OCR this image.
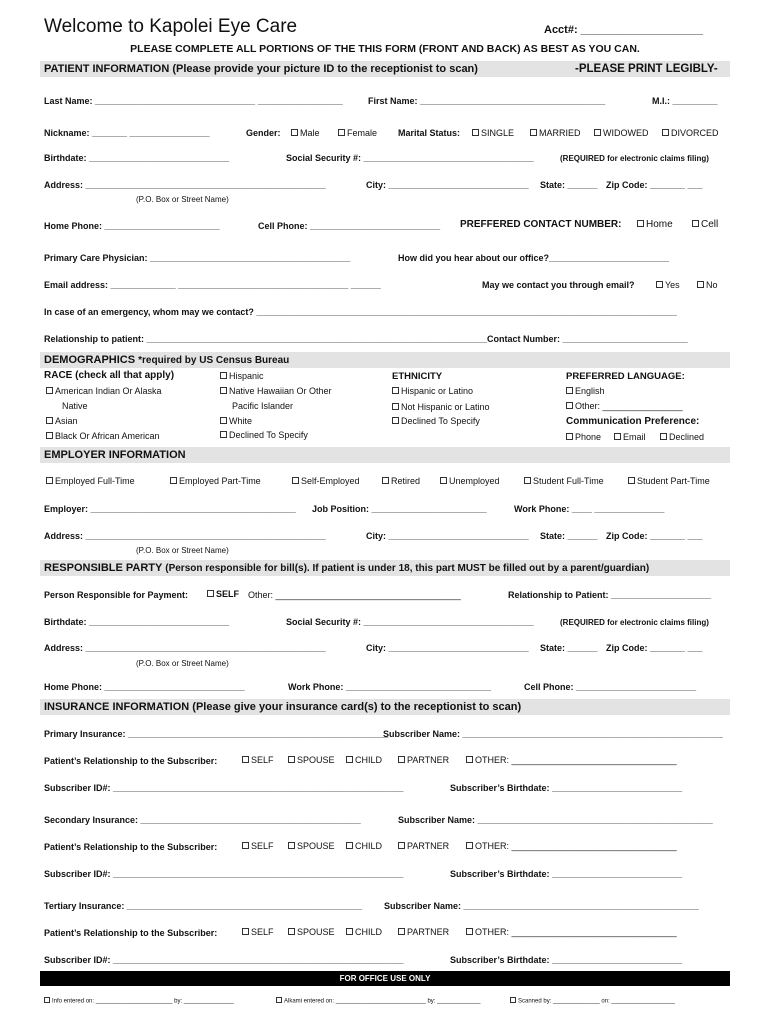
Welcome to Kapolei Eye Care	Acct#: ____________________
PLEASE COMPLETE ALL PORTIONS OF THE THIS FORM (FRONT AND BACK) AS BEST AS YOU CAN.
PATIENT INFORMATION (Please provide your picture ID to the receptionist to scan)	-PLEASE PRINT LEGIBLY-
Last Name: ________________________________ _________________	First Name: _____________________________________	M.I.: _________
Nickname: _______ ________________	Gender:	Male	Female Marital Status:	SINGLE	MARRIED	WIDOWED	DIVORCED
Birthdate: ____________________________	Social Security #: __________________________________	(REQUIRED for electronic claims filing)
Address: ________________________________________________	City: ____________________________ State: ______ Zip Code: _______ ___
(P.O. Box or Street Name)
Home Phone: _______________________	Cell Phone: __________________________ PREFFERED CONTACT NUMBER:	Home	Cell
Primary Care Physician: ________________________________________	How did you hear about our office?________________________
Email address: _____________ __________________________________ ______	May we contact you through email?	Yes	No
In case of an emergency, whom may we contact? ____________________________________________________________________________________
Relationship to patient: ____________________________________________________________________ Contact Number: _________________________
DEMOGRAPHICS *required by US Census Bureau
RACE (check all that apply)
American Indian Or Alaska
Native
Asian
Black Or African American
Hispanic
Native Hawaiian Or Other
Pacific Islander
White
Declined To Specify
ETHNICITY
Hispanic or Latino
Not Hispanic or Latino
Declined To Specify
PREFERRED LANGUAGE:
English
Other: ________________
Communication Preference:
Phone	Email	Declined
EMPLOYER INFORMATION
Employed Full-Time	Employed Part-Time	Self-Employed	Retired	Unemployed	Student Full-Time	Student Part-Time
Employer: _________________________________________ Job Position: _______________________	Work Phone: ____ ______________
Address: ________________________________________________	City: ____________________________ State: ______ Zip Code: _______ ___
(P.O. Box or Street Name)
RESPONSIBLE PARTY (Person responsible for bill(s). If patient is under 18, this part MUST be filled out by a parent/guardian)
Person Responsible for Payment:	SELF Other: _____________________________________	Relationship to Patient: ____________________
Birthdate: ____________________________	Social Security #: __________________________________	(REQUIRED for electronic claims filing)
Address: ________________________________________________	City: ____________________________ State: ______ Zip Code: _______ ___
(P.O. Box or Street Name)
Home Phone: ____________________________	Work Phone: _____________________________	Cell Phone: ________________________
INSURANCE INFORMATION (Please give your insurance card(s) to the receptionist to scan)
Primary Insurance: ____________________________________________________
Subscriber Name: ____________________________________________________
Patient’s Relationship to the Subscriber:	SELF	SPOUSE	CHILD	PARTNER	OTHER: _________________________________
Subscriber ID#: __________________________________________________________	Subscriber’s Birthdate: __________________________
Secondary Insurance: ____________________________________________	Subscriber Name: _______________________________________________
Patient’s Relationship to the Subscriber:	SELF	SPOUSE	CHILD	PARTNER	OTHER: _________________________________
Subscriber ID#: __________________________________________________________	Subscriber’s Birthdate: __________________________
Tertiary Insurance: _______________________________________________ Subscriber Name: _______________________________________________
Patient’s Relationship to the Subscriber:	SELF	SPOUSE	CHILD	PARTNER	OTHER: _________________________________
Subscriber ID#: __________________________________________________________	Subscriber’s Birthdate: __________________________
FOR OFFICE USE ONLY
Info entered on: _______________________ by: _______________	Alkami entered on: ___________________________ by: _____________	Scanned by: ______________ on: ___________________
